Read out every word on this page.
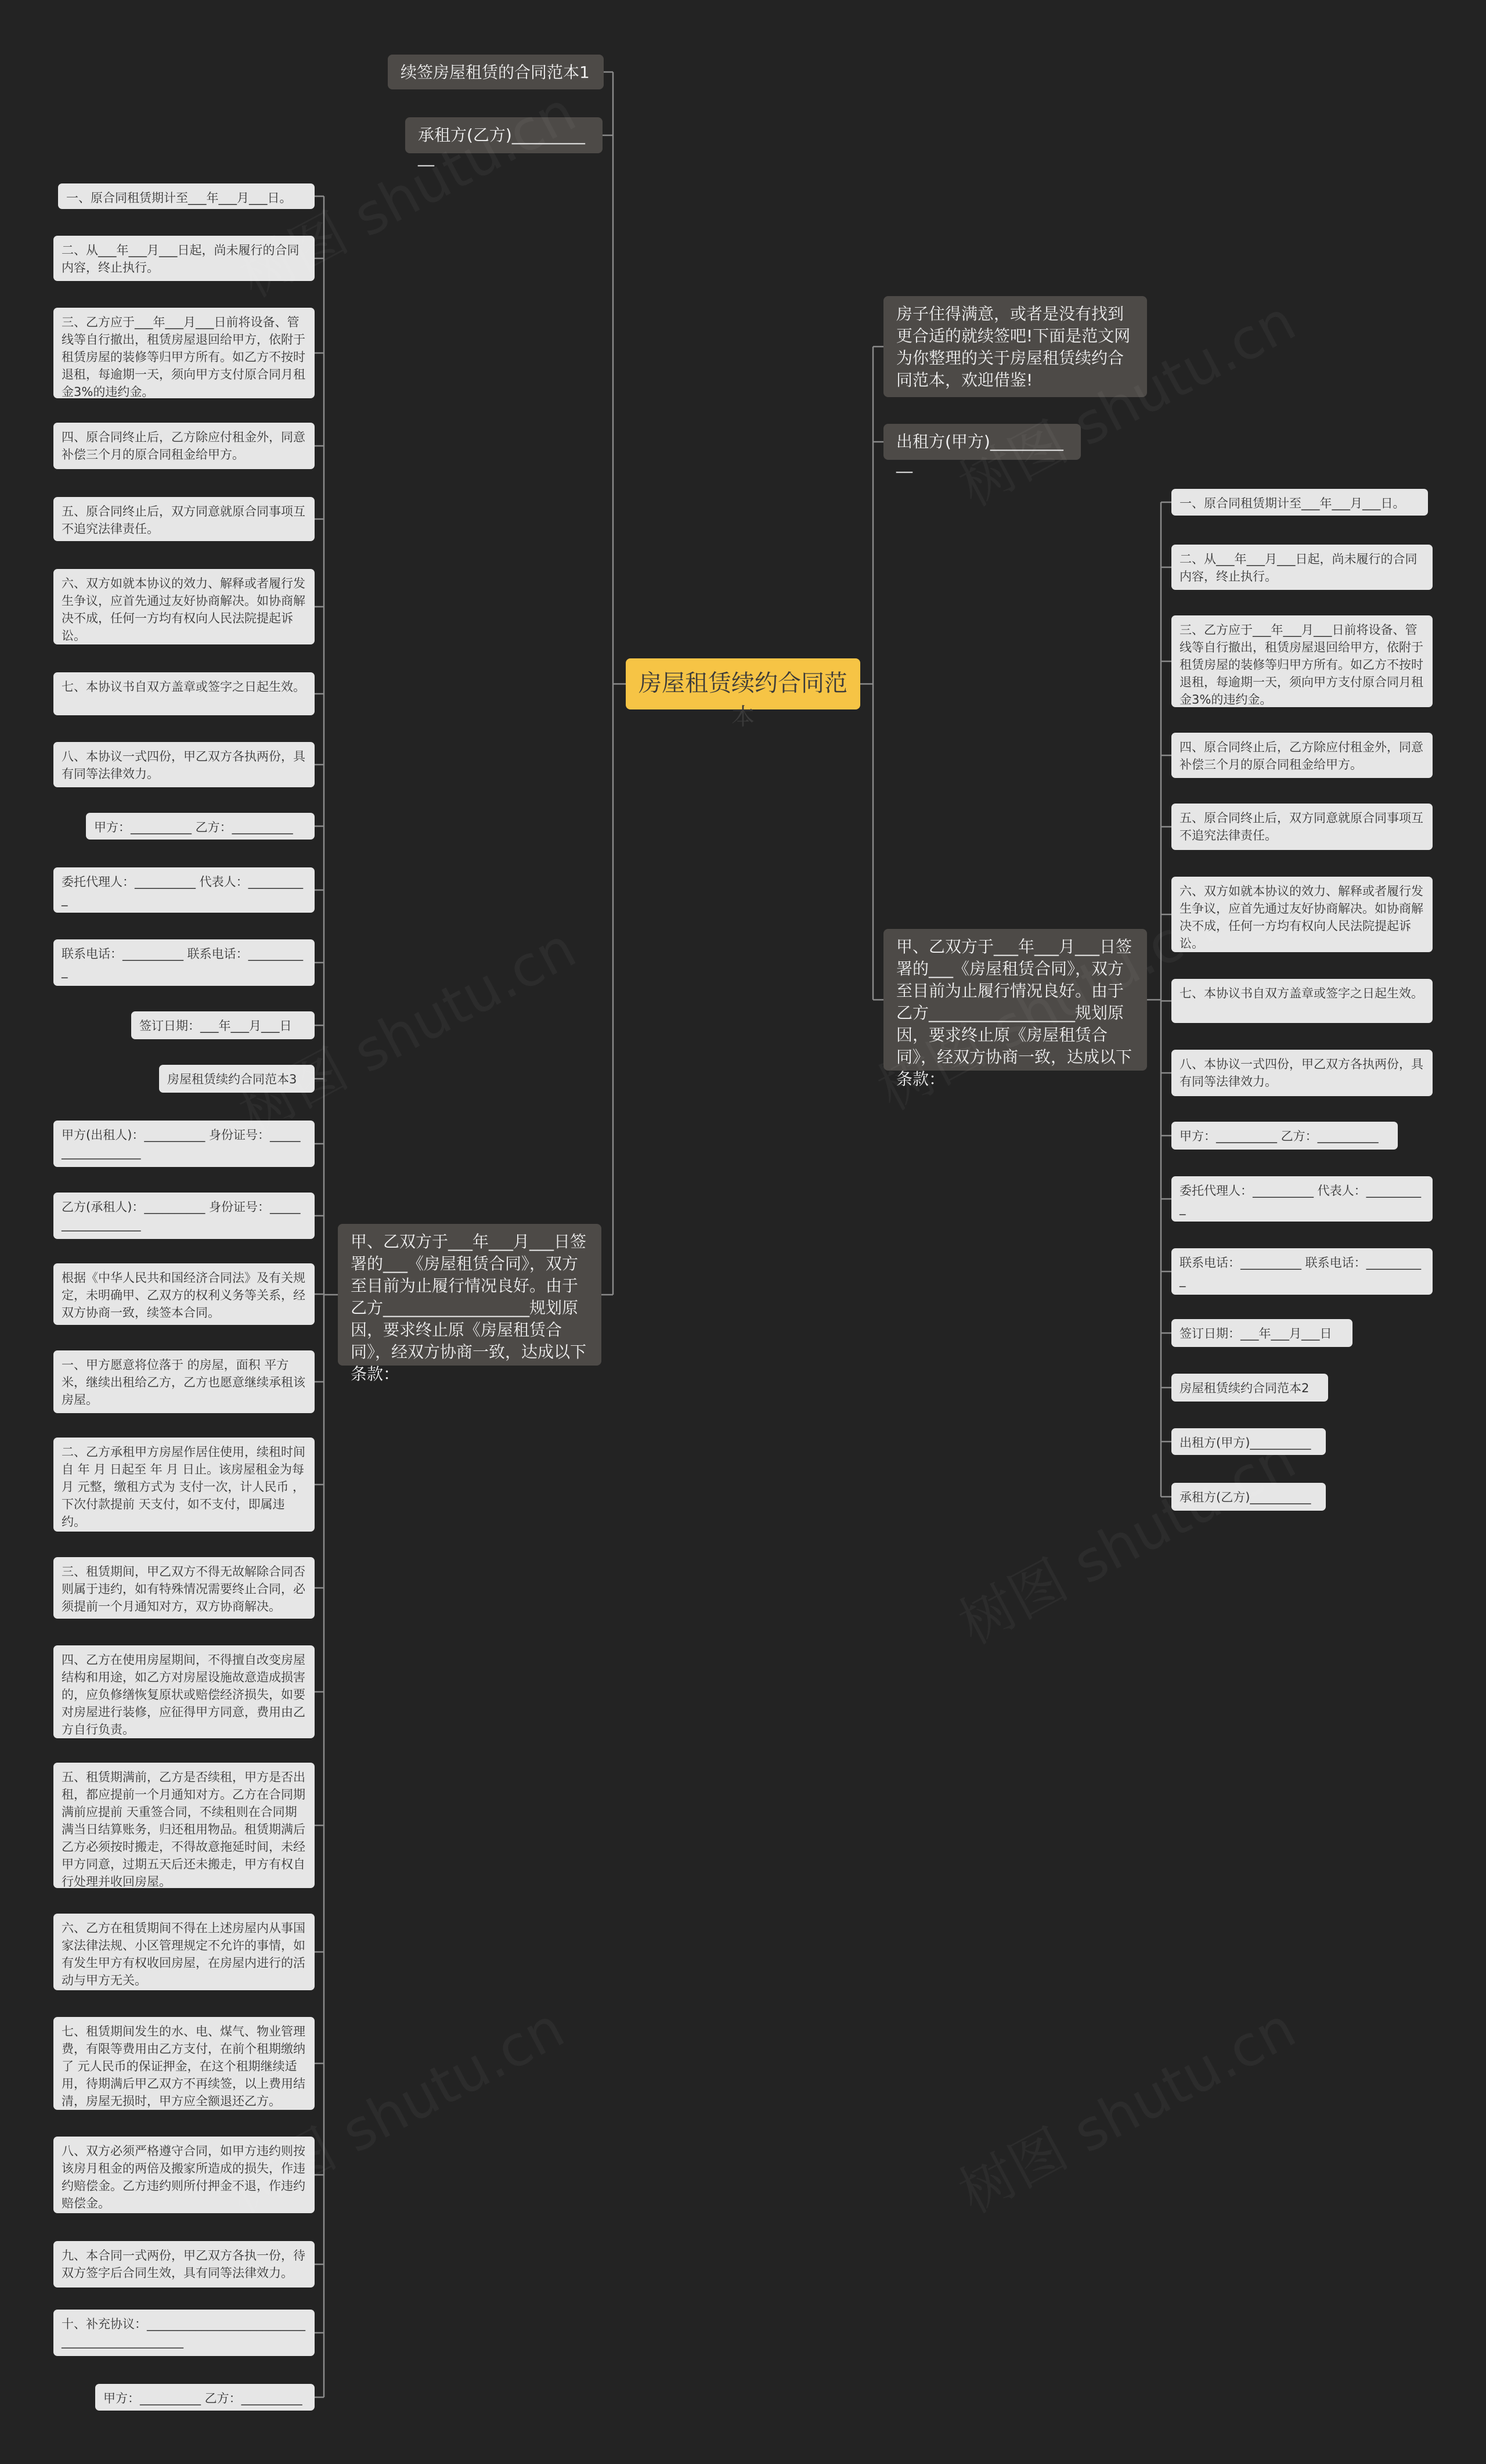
房屋租赁续约合同范本
续签房屋租赁的合同范本1
承租方(乙方)___________
甲、乙双方于___年___月___日签署的___《房屋租赁合同》，双方至目前为止履行情况良好。由于乙方__________________规划原因，要求终止原《房屋租赁合同》，经双方协商一致，达成以下条款：
房子住得满意，或者是没有找到更合适的就续签吧!下面是范文网为你整理的关于房屋租赁续约合同范本，欢迎借鉴!
出租方(甲方)___________
甲、乙双方于___年___月___日签署的___《房屋租赁合同》，双方至目前为止履行情况良好。由于乙方__________________规划原因，要求终止原《房屋租赁合同》，经双方协商一致，达成以下条款：
一、原合同租赁期计至___年___月___日。
二、从___年___月___日起，尚未履行的合同内容，终止执行。
三、乙方应于___年___月___日前将设备、管线等自行撤出，租赁房屋退回给甲方，依附于租赁房屋的装修等归甲方所有。如乙方不按时退租，每逾期一天，须向甲方支付原合同月租金3%的违约金。
四、原合同终止后，乙方除应付租金外，同意补偿三个月的原合同租金给甲方。
五、原合同终止后，双方同意就原合同事项互不追究法律责任。
六、双方如就本协议的效力、解释或者履行发生争议，应首先通过友好协商解决。如协商解决不成，任何一方均有权向人民法院提起诉讼。
七、本协议书自双方盖章或签字之日起生效。
八、本协议一式四份，甲乙双方各执两份，具有同等法律效力。
甲方：__________ 乙方：__________
委托代理人：__________ 代表人：__________
联系电话：__________ 联系电话：__________
签订日期：___年___月___日
房屋租赁续约合同范本3
甲方(出租人)：__________ 身份证号：__________________
乙方(承租人)：__________ 身份证号：__________________
根据《中华人民共和国经济合同法》及有关规定，未明确甲、乙双方的权利义务等关系，经双方协商一致，续签本合同。
一、甲方愿意将位落于 的房屋，面积 平方米，继续出租给乙方，乙方也愿意继续承租该房屋。
二、乙方承租甲方房屋作居住使用，续租时间自 年 月 日起至 年 月 日止。该房屋租金为每月 元整，缴租方式为 支付一次，计人民币 ，下次付款提前 天支付，如不支付，即属违约。
三、租赁期间，甲乙双方不得无故解除合同否则属于违约，如有特殊情况需要终止合同，必须提前一个月通知对方，双方协商解决。
四、乙方在使用房屋期间，不得擅自改变房屋结构和用途，如乙方对房屋设施故意造成损害的，应负修缮恢复原状或赔偿经济损失，如要对房屋进行装修，应征得甲方同意，费用由乙方自行负责。
五、租赁期满前，乙方是否续租，甲方是否出租，都应提前一个月通知对方。乙方在合同期满前应提前 天重签合同，不续租则在合同期满当日结算账务，归还租用物品。租赁期满后乙方必须按时搬走，不得故意拖延时间，未经甲方同意，过期五天后还未搬走，甲方有权自行处理并收回房屋。
六、乙方在租赁期间不得在上述房屋内从事国家法律法规、小区管理规定不允许的事情，如有发生甲方有权收回房屋，在房屋内进行的活动与甲方无关。
七、租赁期间发生的水、电、煤气、物业管理费，有限等费用由乙方支付，在前个租期缴纳了 元人民币的保证押金，在这个租期继续适用，待期满后甲乙双方不再续签，以上费用结清，房屋无损时，甲方应全额退还乙方。
八、双方必须严格遵守合同，如甲方违约则按该房月租金的两倍及搬家所造成的损失，作违约赔偿金。乙方违约则所付押金不退，作违约赔偿金。
九、本合同一式两份，甲乙双方各执一份，待双方签字后合同生效，具有同等法律效力。
十、补充协议：______________________________________________
甲方：__________ 乙方：__________
一、原合同租赁期计至___年___月___日。
二、从___年___月___日起，尚未履行的合同内容，终止执行。
三、乙方应于___年___月___日前将设备、管线等自行撤出，租赁房屋退回给甲方，依附于租赁房屋的装修等归甲方所有。如乙方不按时退租，每逾期一天，须向甲方支付原合同月租金3%的违约金。
四、原合同终止后，乙方除应付租金外，同意补偿三个月的原合同租金给甲方。
五、原合同终止后，双方同意就原合同事项互不追究法律责任。
六、双方如就本协议的效力、解释或者履行发生争议，应首先通过友好协商解决。如协商解决不成，任何一方均有权向人民法院提起诉讼。
七、本协议书自双方盖章或签字之日起生效。
八、本协议一式四份，甲乙双方各执两份，具有同等法律效力。
甲方：__________ 乙方：__________
委托代理人：__________ 代表人：__________
联系电话：__________ 联系电话：__________
签订日期：___年___月___日
房屋租赁续约合同范本2
出租方(甲方)__________
承租方(乙方)__________
